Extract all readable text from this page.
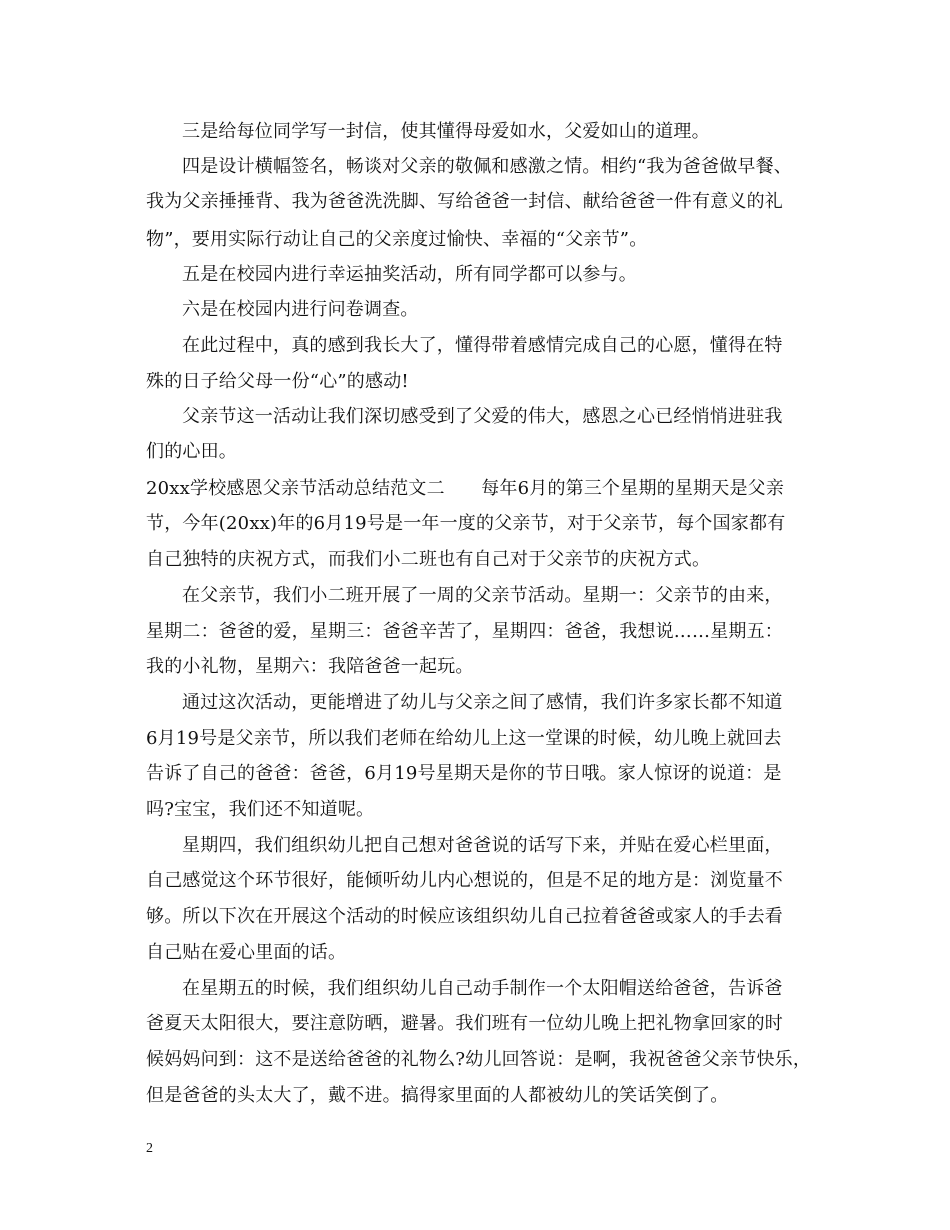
三是给每位同学写一封信，使其懂得母爱如水，父爱如山的道理。
四是设计横幅签名，畅谈对父亲的敬佩和感激之情。相约“我为爸爸做早餐、
我为父亲捶捶背、我为爸爸洗洗脚、写给爸爸一封信、献给爸爸一件有意义的礼
物”，要用实际行动让自己的父亲度过愉快、幸福的“父亲节”。
五是在校园内进行幸运抽奖活动，所有同学都可以参与。
六是在校园内进行问卷调查。
在此过程中，真的感到我长大了，懂得带着感情完成自己的心愿，懂得在特
殊的日子给父母一份“心”的感动!
父亲节这一活动让我们深切感受到了父爱的伟大，感恩之心已经悄悄进驻我
们的心田。
20xx学校感恩父亲节活动总结范文二　　每年6月的第三个星期的星期天是父亲
节，今年(20xx)年的6月19号是一年一度的父亲节，对于父亲节，每个国家都有
自己独特的庆祝方式，而我们小二班也有自己对于父亲节的庆祝方式。
在父亲节，我们小二班开展了一周的父亲节活动。星期一：父亲节的由来，
星期二：爸爸的爱，星期三：爸爸辛苦了，星期四：爸爸，我想说……星期五：
我的小礼物，星期六：我陪爸爸一起玩。
通过这次活动，更能增进了幼儿与父亲之间了感情，我们许多家长都不知道
6月19号是父亲节，所以我们老师在给幼儿上这一堂课的时候，幼儿晚上就回去
告诉了自己的爸爸：爸爸，6月19号星期天是你的节日哦。家人惊讶的说道：是
吗?宝宝，我们还不知道呢。
星期四，我们组织幼儿把自己想对爸爸说的话写下来，并贴在爱心栏里面，
自己感觉这个环节很好，能倾听幼儿内心想说的，但是不足的地方是：浏览量不
够。所以下次在开展这个活动的时候应该组织幼儿自己拉着爸爸或家人的手去看
自己贴在爱心里面的话。
在星期五的时候，我们组织幼儿自己动手制作一个太阳帽送给爸爸，告诉爸
爸夏天太阳很大，要注意防晒，避暑。我们班有一位幼儿晚上把礼物拿回家的时
候妈妈问到：这不是送给爸爸的礼物么?幼儿回答说：是啊，我祝爸爸父亲节快乐，
但是爸爸的头太大了，戴不进。搞得家里面的人都被幼儿的笑话笑倒了。
2
